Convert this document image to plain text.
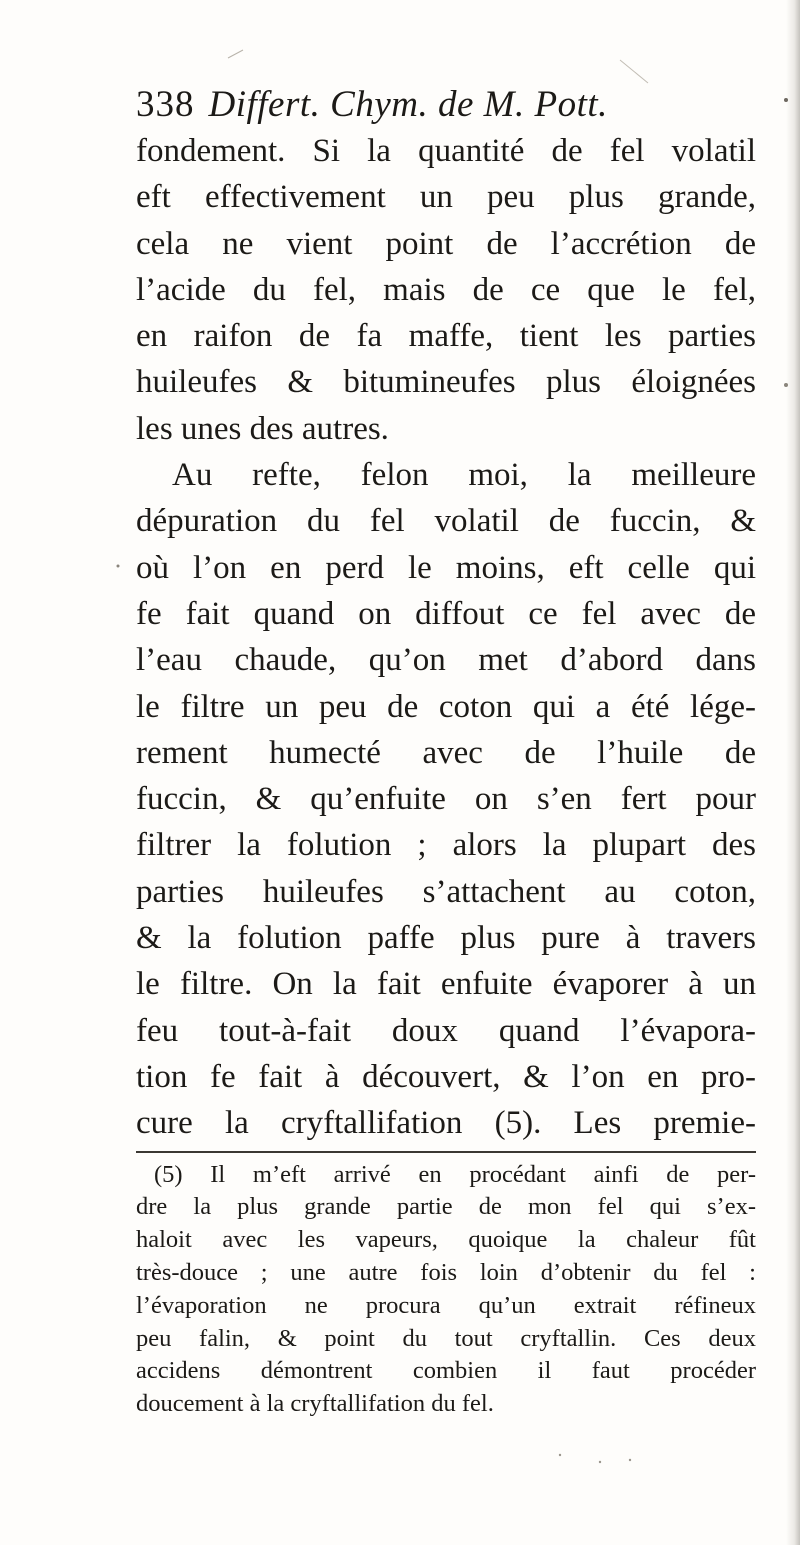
338 Differt. Chym. de M. Pott.
fondement. Si la quantité de fel volatil
eft effectivement un peu plus grande,
cela ne vient point de l’accrétion de
l’acide du fel, mais de ce que le fel,
en raifon de fa maffe, tient les parties
huileufes & bitumineufes plus éloignées
les unes des autres.
Au refte, felon moi, la meilleure
dépuration du fel volatil de fuccin, &
où l’on en perd le moins, eft celle qui
fe fait quand on diffout ce fel avec de
l’eau chaude, qu’on met d’abord dans
le filtre un peu de coton qui a été lége-
rement humecté avec de l’huile de
fuccin, & qu’enfuite on s’en fert pour
filtrer la folution ; alors la plupart des
parties huileufes s’attachent au coton,
& la folution paffe plus pure à travers
le filtre. On la fait enfuite évaporer à un
feu tout-à-fait doux quand l’évapora-
tion fe fait à découvert, & l’on en pro-
cure la cryftallifation (5). Les premie-
(5) Il m’eft arrivé en procédant ainfi de per-
dre la plus grande partie de mon fel qui s’ex-
haloit avec les vapeurs, quoique la chaleur fût
très-douce ; une autre fois loin d’obtenir du fel :
l’évaporation ne procura qu’un extrait réfineux
peu falin, & point du tout cryftallin. Ces deux
accidens démontrent combien il faut procéder
doucement à la cryftallifation du fel.
